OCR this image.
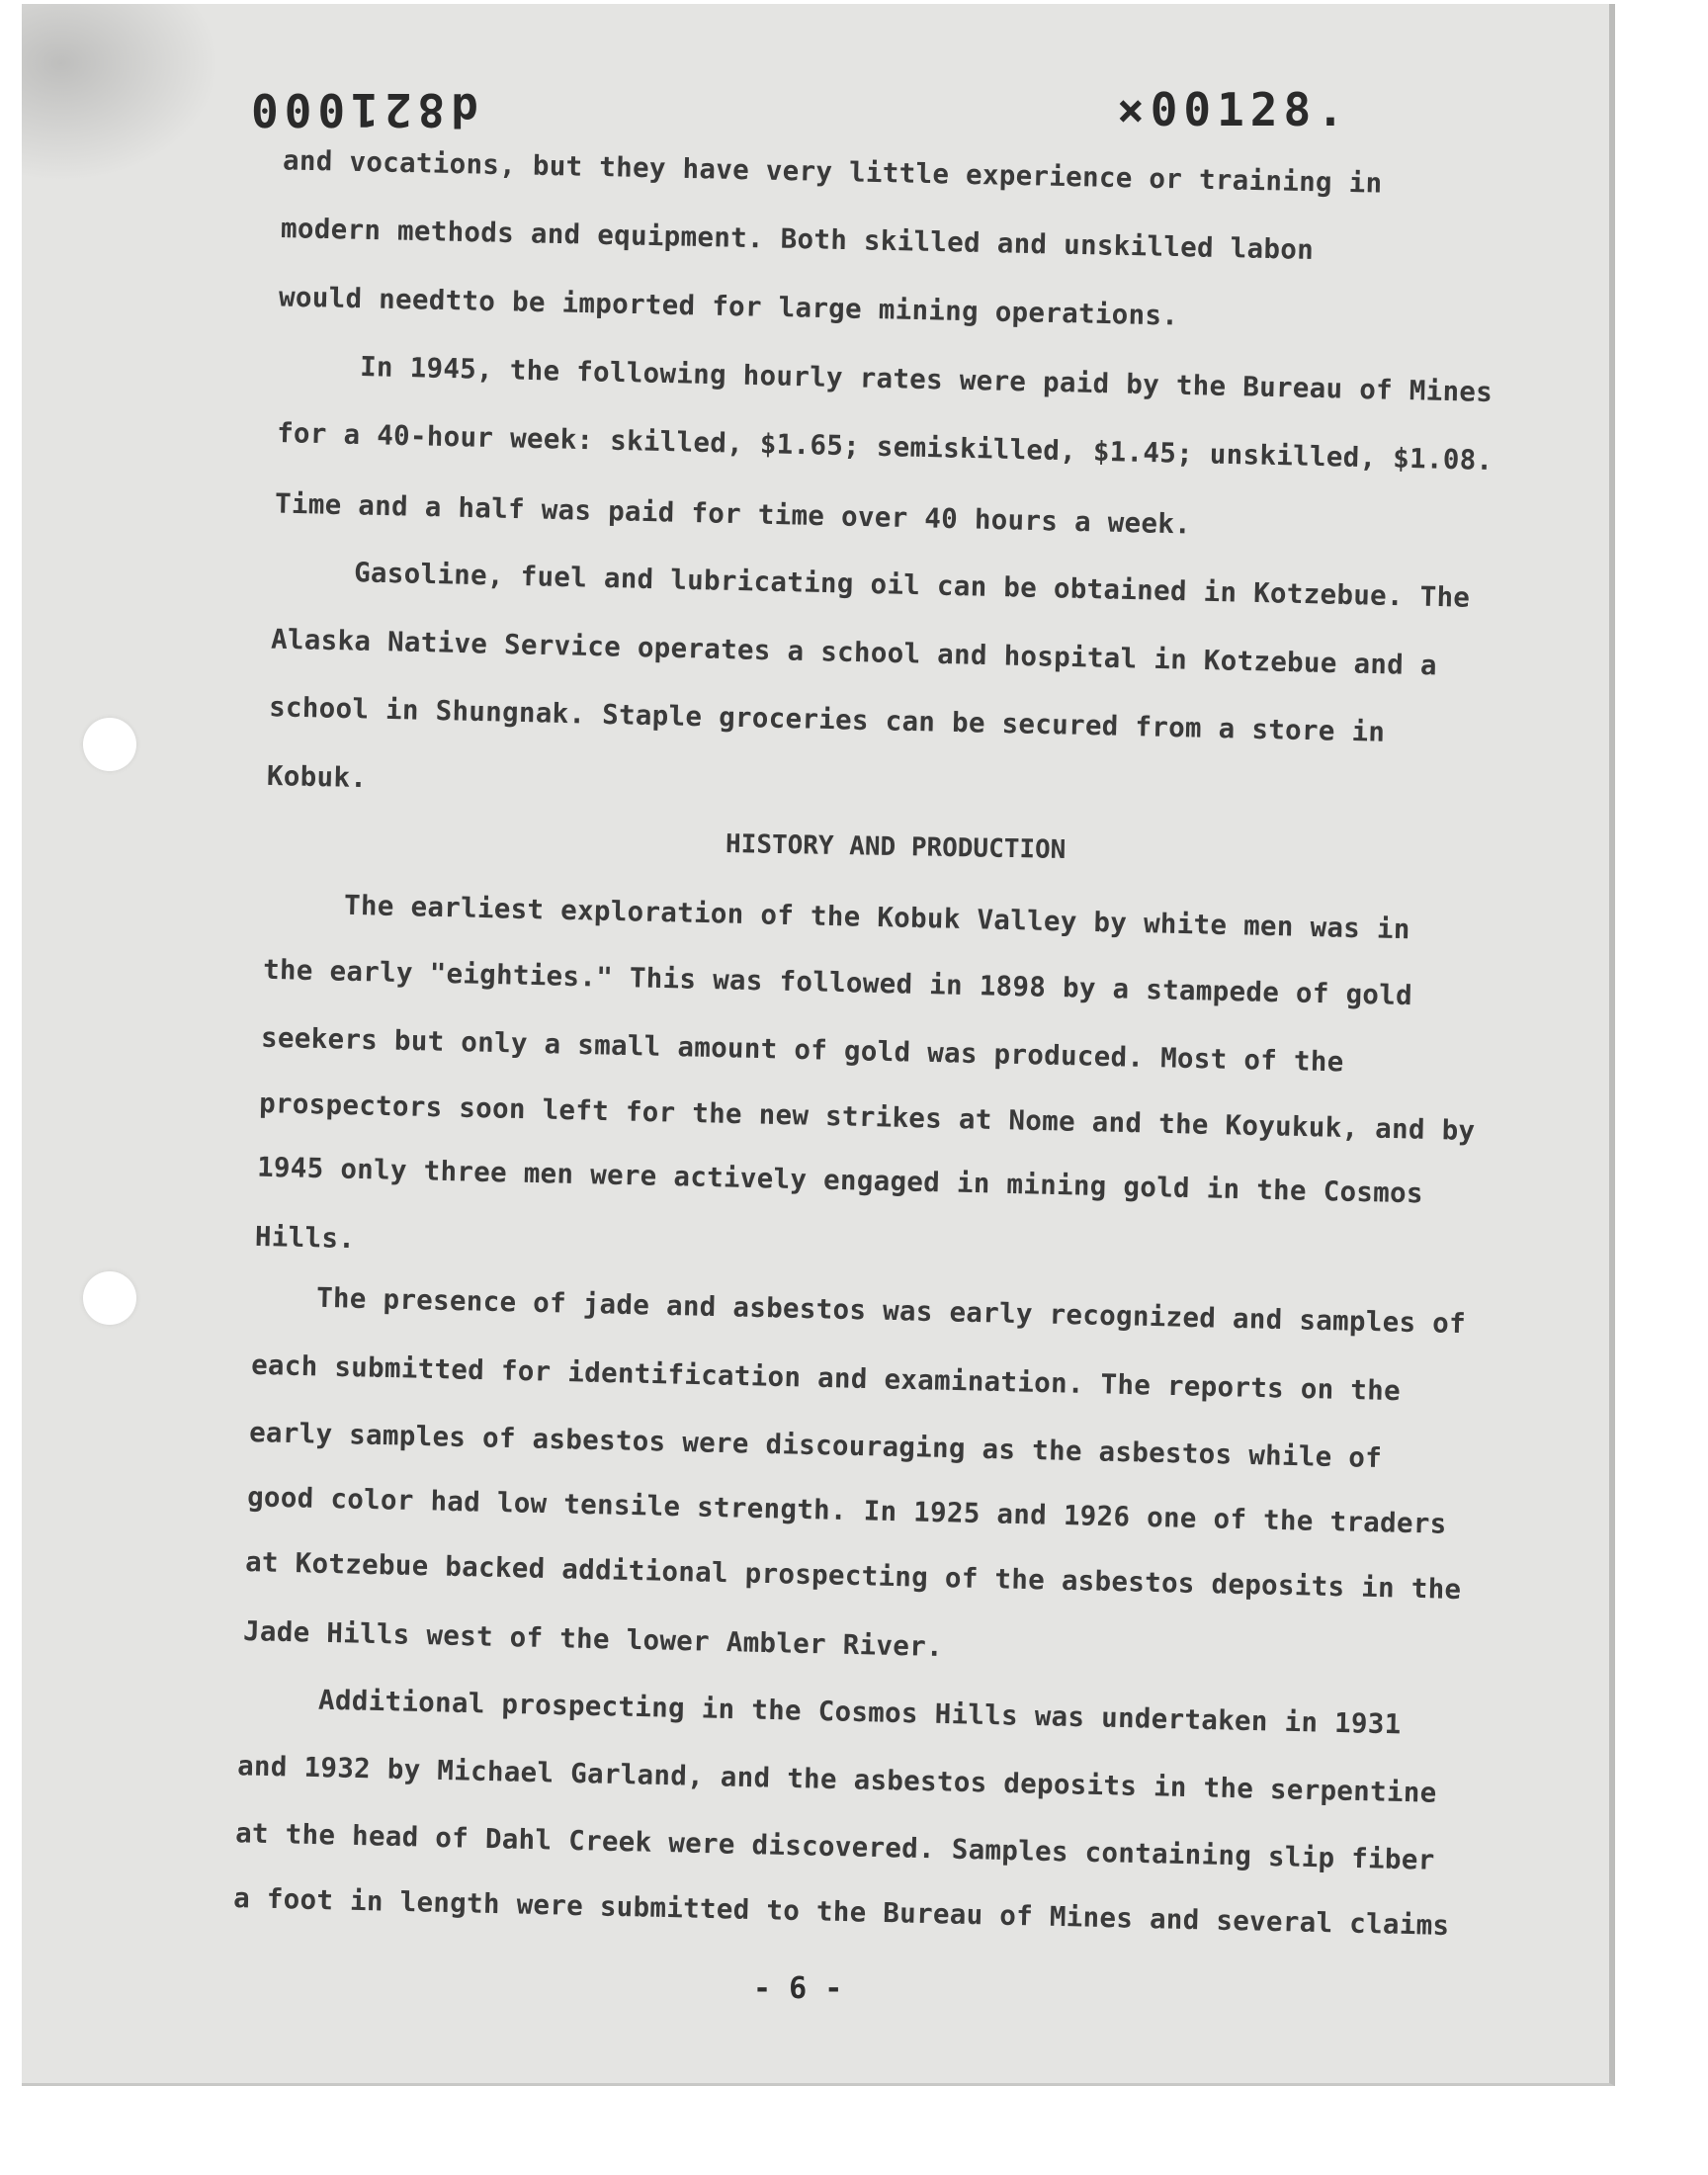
d821000	×00128.
and vocations, but they have very little experience or training in
modern methods and equipment. Both skilled and unskilled labon
would needtto be imported for large mining operations.
In 1945, the following hourly rates were paid by the Bureau of Mines
for a 40-hour week: skilled, $1.65; semiskilled, $1.45; unskilled, $1.08.
Time and a half was paid for time over 40 hours a week.
Gasoline, fuel and lubricating oil can be obtained in Kotzebue. The
Alaska Native Service operates a school and hospital in Kotzebue and a
school in Shungnak. Staple groceries can be secured from a store in
Kobuk.
HISTORY AND PRODUCTION
The earliest exploration of the Kobuk Valley by white men was in
the early "eighties." This was followed in 1898 by a stampede of gold
seekers but only a small amount of gold was produced. Most of the
prospectors soon left for the new strikes at Nome and the Koyukuk, and by
1945 only three men were actively engaged in mining gold in the Cosmos
Hills.
The presence of jade and asbestos was early recognized and samples of
each submitted for identification and examination. The reports on the
early samples of asbestos were discouraging as the asbestos while of
good color had low tensile strength. In 1925 and 1926 one of the traders
at Kotzebue backed additional prospecting of the asbestos deposits in the
Jade Hills west of the lower Ambler River.
Additional prospecting in the Cosmos Hills was undertaken in 1931
and 1932 by Michael Garland, and the asbestos deposits in the serpentine
at the head of Dahl Creek were discovered. Samples containing slip fiber
a foot in length were submitted to the Bureau of Mines and several claims
- 6 -
